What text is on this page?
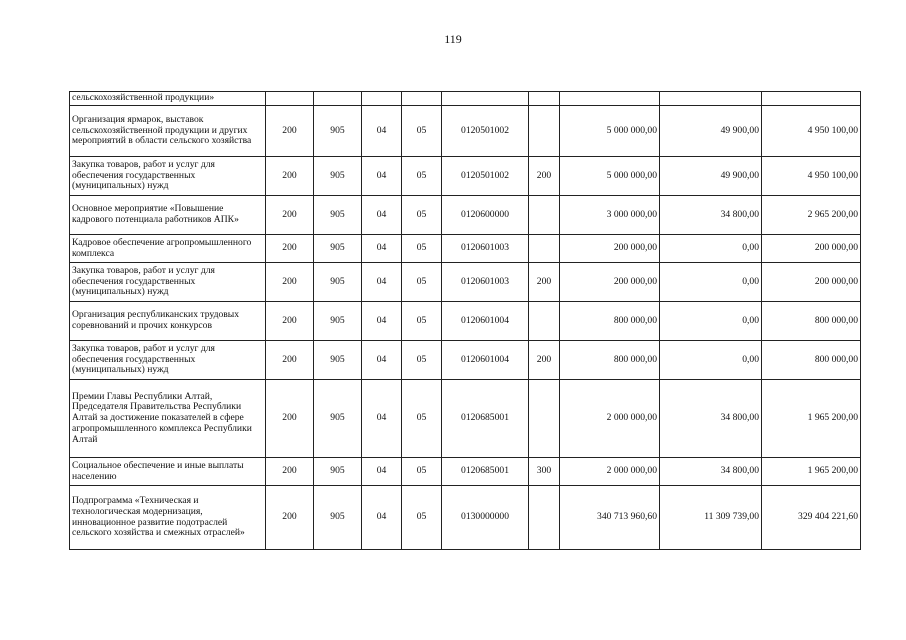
119
сельскохозяйственной продукции»									
Организация ярмарок, выставок сельскохозяйственной продукции и других мероприятий в области сельского хозяйства	200	905	04	05	0120501002		5 000 000,00	49 900,00	4 950 100,00
Закупка товаров, работ и услуг для обеспечения государственных (муниципальных) нужд	200	905	04	05	0120501002	200	5 000 000,00	49 900,00	4 950 100,00
Основное мероприятие «Повышение кадрового потенциала работников АПК»	200	905	04	05	0120600000		3 000 000,00	34 800,00	2 965 200,00
Кадровое обеспечение агропромышленного комплекса	200	905	04	05	0120601003		200 000,00	0,00	200 000,00
Закупка товаров, работ и услуг для обеспечения государственных (муниципальных) нужд	200	905	04	05	0120601003	200	200 000,00	0,00	200 000,00
Организация республиканских трудовых соревнований и прочих конкурсов	200	905	04	05	0120601004		800 000,00	0,00	800 000,00
Закупка товаров, работ и услуг для обеспечения государственных (муниципальных) нужд	200	905	04	05	0120601004	200	800 000,00	0,00	800 000,00
Премии Главы Республики Алтай, Председателя Правительства Республики Алтай за достижение показателей в сфере агропромышленного комплекса Республики Алтай	200	905	04	05	0120685001		2 000 000,00	34 800,00	1 965 200,00
Социальное обеспечение и иные выплаты населению	200	905	04	05	0120685001	300	2 000 000,00	34 800,00	1 965 200,00
Подпрограмма «Техническая и технологическая модернизация, инновационное развитие подотраслей сельского хозяйства и смежных отраслей»	200	905	04	05	0130000000		340 713 960,60	11 309 739,00	329 404 221,60
